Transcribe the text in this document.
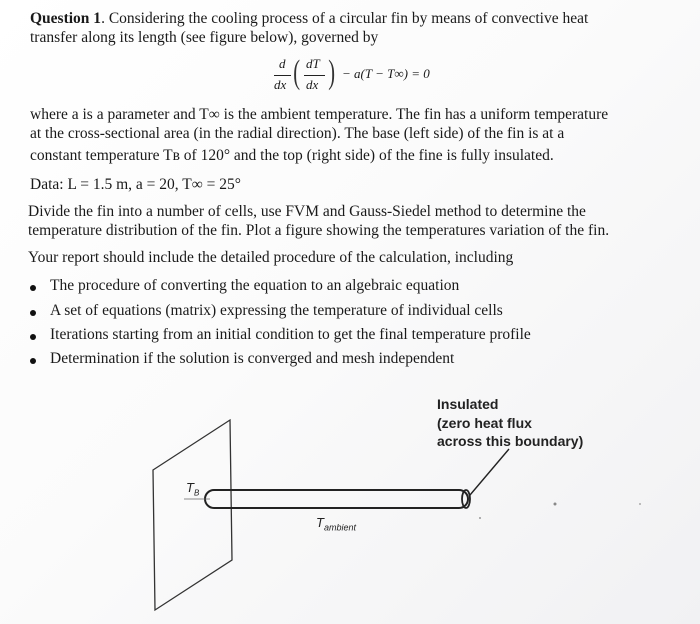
Question 1. Considering the cooling process of a circular fin by means of convective heat
transfer along its length (see figure below), governed by
d
dx ( dT
dx ) − a(T − T∞) = 0
where a is a parameter and T∞ is the ambient temperature. The fin has a uniform temperature
at the cross-sectional area (in the radial direction). The base (left side) of the fin is at a
constant temperature Tʙ of 120° and the top (right side) of the fine is fully insulated.
Data: L = 1.5 m, a = 20, T∞ = 25°
Divide the fin into a number of cells, use FVM and Gauss-Siedel method to determine the
temperature distribution of the fin. Plot a figure showing the temperatures variation of the fin.
Your report should include the detailed procedure of the calculation, including
The procedure of converting the equation to an algebraic equation
A set of equations (matrix) expressing the temperature of individual cells
Iterations starting from an initial condition to get the final temperature profile
Determination if the solution is converged and mesh independent
Insulated
(zero heat flux
across this boundary)
$T_B$
$T_{ambient}$
